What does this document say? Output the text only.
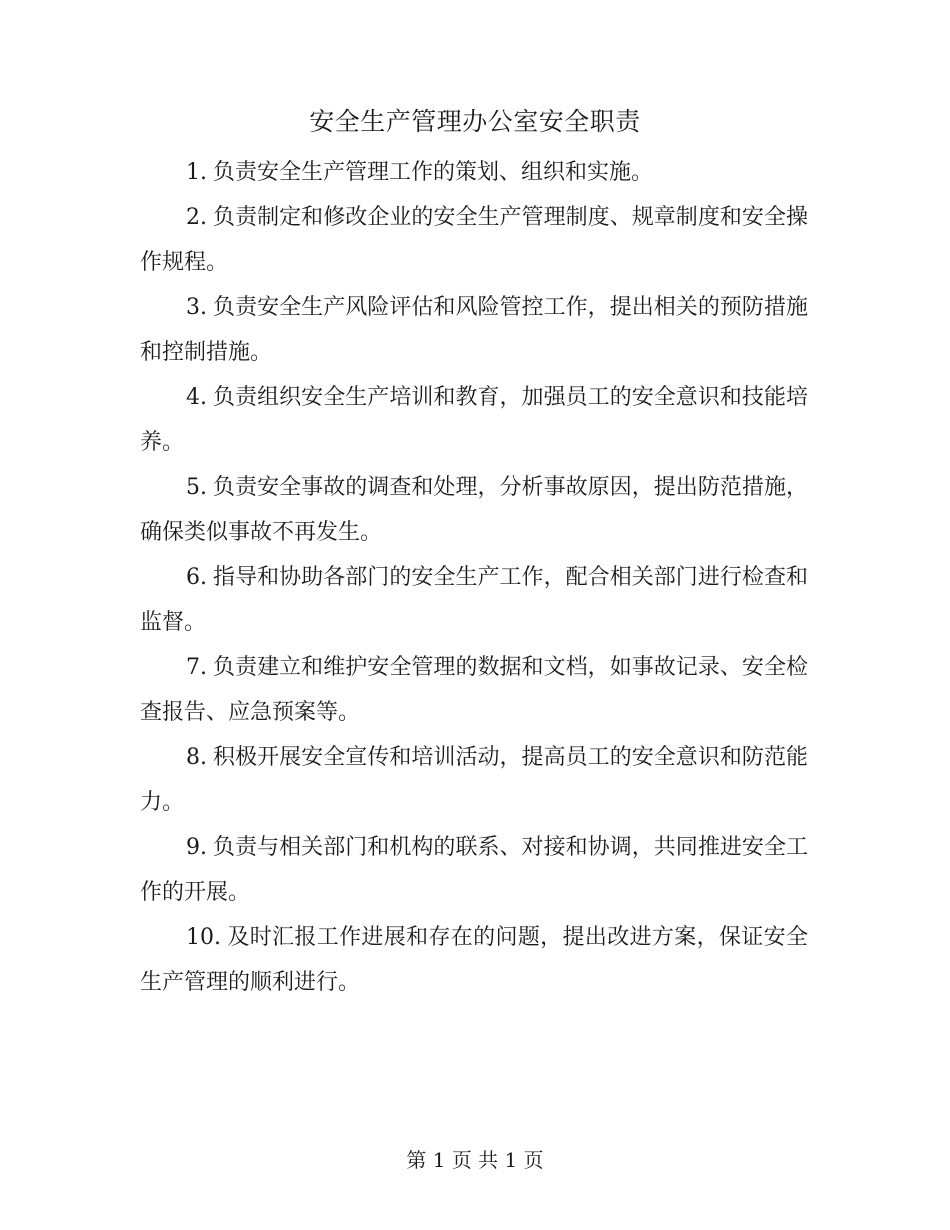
安全生产管理办公室安全职责

1. 负责安全生产管理工作的策划、组织和实施。

2. 负责制定和修改企业的安全生产管理制度、规章制度和安全操作规程。

3. 负责安全生产风险评估和风险管控工作，提出相关的预防措施和控制措施。

4. 负责组织安全生产培训和教育，加强员工的安全意识和技能培养。

5. 负责安全事故的调查和处理，分析事故原因，提出防范措施，确保类似事故不再发生。

6. 指导和协助各部门的安全生产工作，配合相关部门进行检查和监督。

7. 负责建立和维护安全管理的数据和文档，如事故记录、安全检查报告、应急预案等。

8. 积极开展安全宣传和培训活动，提高员工的安全意识和防范能力。

9. 负责与相关部门和机构的联系、对接和协调，共同推进安全工作的开展。

10. 及时汇报工作进展和存在的问题，提出改进方案，保证安全生产管理的顺利进行。

第 1 页 共 1 页
